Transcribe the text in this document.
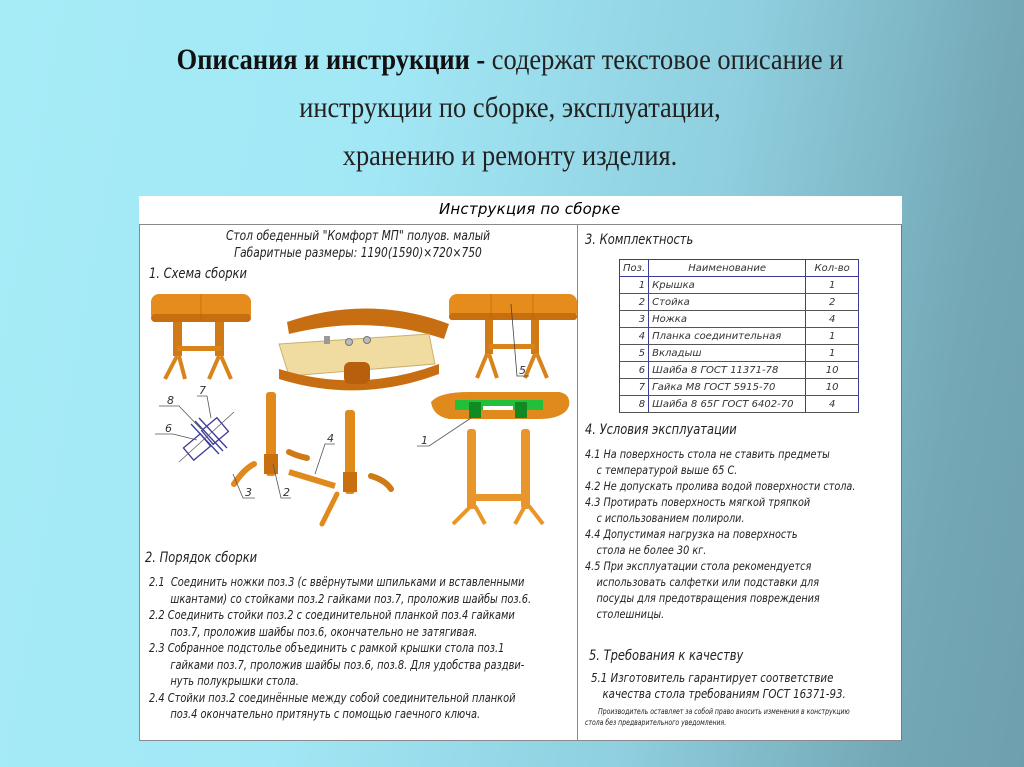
Описания и инструкции - содержат текстовое описание и
инструкции по сборке, эксплуатации,
хранению и ремонту изделия.
Инструкция по сборке
Стол обеденный "Комфорт МП" полуов. малый
Габаритные размеры: 1190(1590)×720×750
1. Схема сборки
5
8
6
7
3	2
4	1
2. Порядок сборки
2.1 Соединить ножки поз.3 (с ввёрнутыми шпильками и вставленными
шкантами) со стойками поз.2 гайками поз.7, проложив шайбы поз.6.
2.2 Соединить стойки поз.2 с соединительной планкой поз.4 гайками
поз.7, проложив шайбы поз.6, окончательно не затягивая.
2.3 Собранное подстолье объединить с рамкой крышки стола поз.1
гайками поз.7, проложив шайбы поз.6, поз.8. Для удобства раздви-
нуть полукрышки стола.
2.4 Стойки поз.2 соединённые между собой соединительной планкой
поз.4 окончательно притянуть с помощью гаечного ключа.
3. Комплектность
Поз.	Наименование	Кол-во
1	Крышка	1
2	Стойка	2
3	Ножка	4
4	Планка соединительная	1
5	Вкладыш	1
6	Шайба 8 ГОСТ 11371-78	10
7	Гайка М8 ГОСТ 5915-70	10
8	Шайба 8 65Г ГОСТ 6402-70	4
4. Условия эксплуатации
4.1 На поверхность стола не ставить предметы
с температурой выше 65 С.
4.2 Не допускать пролива водой поверхности стола.
4.3 Протирать поверхность мягкой тряпкой
с использованием полироли.
4.4 Допустимая нагрузка на поверхность
стола не более 30 кг.
4.5 При эксплуатации стола рекомендуется
использовать салфетки или подставки для
посуды для предотвращения повреждения
столешницы.
5. Требования к качеству
5.1 Изготовитель гарантирует соответствие
качества стола требованиям ГОСТ 16371-93.
Производитель оставляет за собой право вносить изменения в конструкцию
стола без предварительного уведомления.
